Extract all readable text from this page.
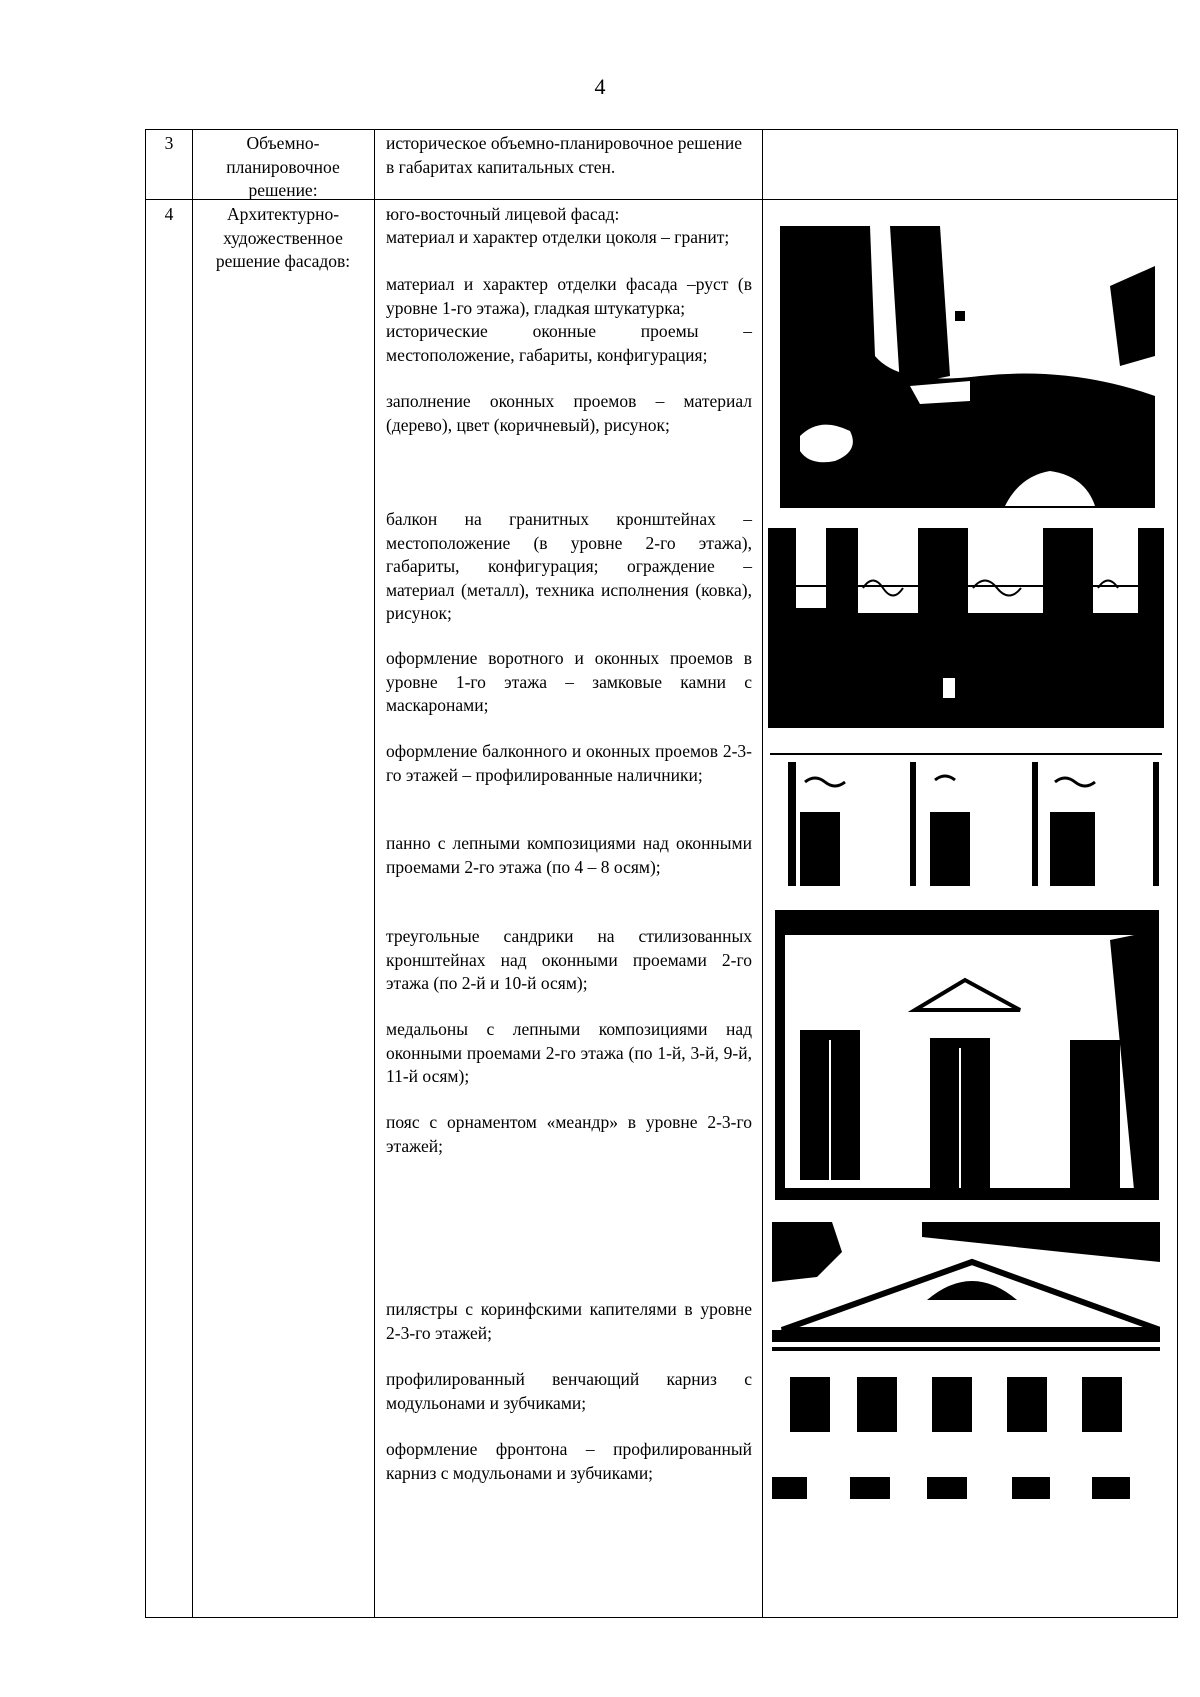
4
3	Объемно-планировочное решение:
историческое объемно-планировочное решение в габаритах капитальных стен.
4	Архитектурно-художественное решение фасадов:
юго-восточный лицевой фасад:
материал и характер отделки цоколя – гранит;
материал и характер отделки фасада –руст (в уровне 1-го этажа), гладкая штукатурка;
исторические оконные проемы – местоположение, габариты, конфигурация;
заполнение оконных проемов – материал (дерево), цвет (коричневый), рисунок;
балкон на гранитных кронштейнах – местоположение (в уровне 2-го этажа), габариты, конфигурация; ограждение – материал (металл), техника исполнения (ковка), рисунок;
оформление воротного и оконных проемов в уровне 1-го этажа – замковые камни с маскаронами;
оформление балконного и оконных проемов 2-3-го этажей – профилированные наличники;
панно с лепными композициями над оконными проемами 2-го этажа (по 4 – 8 осям);
треугольные сандрики на стилизованных кронштейнах над оконными проемами 2-го этажа (по 2-й и 10-й осям);
медальоны с лепными композициями над оконными проемами 2-го этажа (по 1-й, 3-й, 9-й, 11-й осям);
пояс с орнаментом «меандр» в уровне 2-3-го этажей;
пилястры с коринфскими капителями в уровне 2-3-го этажей;
профилированный венчающий карниз с модульонами и зубчиками;
оформление фронтона – профилированный карниз с модульонами и зубчиками;
